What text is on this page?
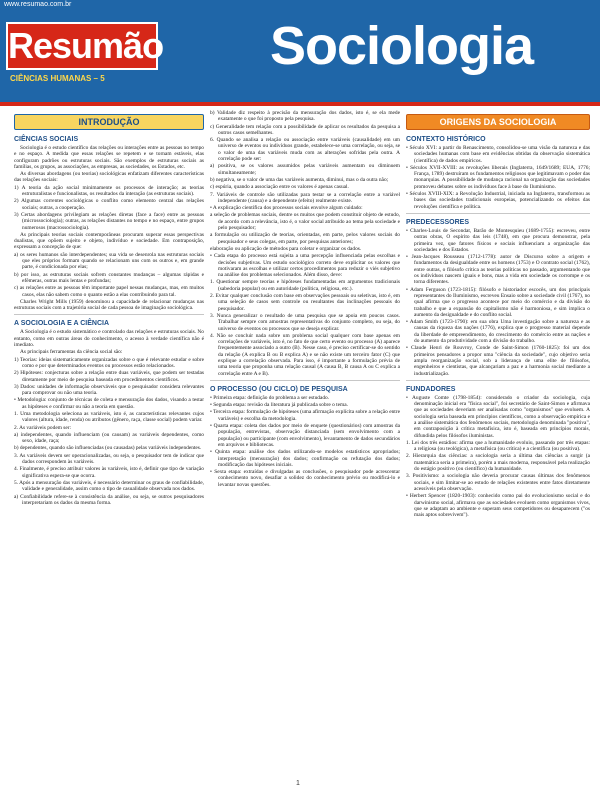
www.resumao.com.br
Resumão
CIÊNCIAS HUMANAS – 5
Sociologia
INTRODUÇÃO
CIÊNCIAS SOCIAIS

Sociologia é o estudo científico das relações ou interações entre as pessoas no tempo e no espaço. A medida que essas relações se repetem e se tornam estáveis, elas configuram padrões ou estruturas sociais. São exemplos de estruturas sociais as famílias, os grupos, as associações, as empresas, as sociedades, os Estados, etc.

As diversas abordagens (ou teorias) sociológicas enfatizam diferentes características das relações sociais:

1) A teoria da ação social minimamente os processos de interação; as teorias estruturalistas e funcionalistas, os resultados da interação (as estruturas sociais).

2) Algumas correntes sociológicas o conflito como elemento central das relações sociais; outras, a cooperação.

3) Certas abordagens privilegiam as relações diretas (face a face) entre as pessoas (microssociologia); outras, as relações distantes no tempo e no espaço, entre grupos numerosos (macrossociologia).

As principais teorias sociais contemporâneas procuram superar essas perspectivas dualistas, que opõem sujeito e objeto, indivíduo e sociedade. Em contraposição, expressam a concepção de que:

a) os seres humanos são interdependentes; sua vida se desenrola nas estruturas sociais que eles próprios formam quando se relacionam uns com os outros e, em grande parte, é condicionada por elas;

b) por isso, as estruturas sociais sofrem constantes mudanças – algumas rápidas e efêmeras, outras mais lentas e profundas;

c) as relações entre as pessoas têm importante papel nessas mudanças, mas, em muitos casos, elas não sabem como o quanto estão a elas contribuindo para tal.

Charles Wright Mills (1959) denominou a capacidade de relacionar mudanças nas estruturas sociais com a trajetória social de cada pessoa de imaginação sociológica.

A SOCIOLOGIA E A CIÊNCIA

A Sociologia é o estudo sistemático e controlado das relações e estruturas sociais. No entanto, como em outras áreas do conhecimento, o acesso à verdade científica não é imediato.

As principais ferramentas da ciência social são:

1) Teorias: ideias sistematicamente organizadas sobre o que é relevante estudar e sobre como e por que determinados eventos ou processos estão relacionados.

2) Hipóteses: conjecturas sobre a relação entre duas variáveis, que podem ser testadas diretamente por meio de pesquisa baseada em procedimentos científicos.

3) Dados: unidades de informação observáveis que o pesquisador considera relevantes para comprovar ou não uma teoria.

• Metodologia: conjunto de técnicas de coleta e mensuração dos dados, visando a testar as hipóteses e confirmar ou não a teoria em questão.

1. Uma metodologia seleciona as variáveis, isto é, as características relevantes cujos valores (altura, idade, renda) ou atributos (gênero, raça, classe social) podem variar.

2. As variáveis podem ser:

a) independentes, quando influenciam (ou causam) as variáveis dependentes, como sexo, idade, raça;

b) dependentes, quando são influenciadas (ou causadas) pelas variáveis independentes.

3. As variáveis devem ser operacionalizadas, ou seja, o pesquisador tem de indicar que dados correspondem às variáveis.

4. Finalmente, é preciso atribuir valores às variáveis, isto é, definir que tipo de variação significativa espera-se que ocorra.

5. Após a mensuração das variáveis, é necessário determinar os graus de confiabilidade, validade e generalidade, assim como o tipo de casualidade observada nos dados.

a) Confiabilidade refere-se à consistência da análise, ou seja, se outros pesquisadores interpretariam os dados da mesma forma.

b) Validade diz respeito à precisão da mensuração dos dados, isto é, se ela mede exatamente o que foi proposto pela pesquisa.

c) Generalidade tem relação com a possibilidade de aplicar os resultados da pesquisa a outros casos semelhantes.

6. Quando se analisa a relação ou associação entre variáveis (causalidade) em um universo de eventos ou indivíduos grande, estabelece-se uma correlação, ou seja, se o valor de uma das variáveis muda com as alterações sofridas pela outra. A correlação pode ser:

a) positiva, se os valores assumidos pelas variáveis aumentam ou diminuem simultaneamente;

b) negativa, se o valor de uma das variáveis aumenta, diminui, mas o da outra não;

c) espúria, quando a associação entre os valores é apenas casual.

7. Variáveis de controle são utilizadas para testar se a correlação entre a variável independente (causa) e a dependente (efeito) realmente existe.

• A explicação científica dos processos sociais envolve algum cuidado:

a seleção de problemas sociais, dentre os muitos que podem constituir objeto de estudo, de acordo com a relevância, isto é, o valor social atribuído ao tema pela sociedade e pelo pesquisador;

a formulação ou utilização de teorias, orientadas, em parte, pelos valores sociais do pesquisador e seus colegas, em parte, por pesquisas anteriores;

elaboração ou aplicação de métodos para coletar e organizar os dados.

• Cada etapa do processo está sujeita a uma percepção influenciada pelas escolhas e decisões subjetivas. Um estudo sociológico correto deve explicitar os valores que motivaram as escolhas e utilizar certos procedimentos para reduzir o viés subjetivo na análise dos problemas selecionados. Além disso, deve:

1. Questionar sempre teorias e hipóteses fundamentadas em argumentos tradicionais (sabedoria popular) ou em autoridade (política, religiosa, etc.).

2. Evitar qualquer conclusão com base em observações pessoais ou seletivas, isto é, em uma seleção de casos sem controle ou resultantes das inclinações pessoais do pesquisador.

3. Nunca generalizar o resultado de uma pesquisa que se apoia em poucos casos. Trabalhar sempre com amostras representativas do conjunto completo, ou seja, do universo de eventos ou processos que se deseja explicar.

4. Não se concluir nada sobre um problema social qualquer com base apenas em correlações de variáveis, isto é, no fato de que certo evento ou processo (A) aparece frequentemente associado a outro (B). Nesse caso, é preciso certificar-se do sentido da relação (A explica B ou B explica A) e se não existe um terceiro fator (C) que explique a correlação observada. Para isso, é importante a formulação prévia de uma teoria que proponha uma relação causal (A causa B, B causa A ou C explica a correlação entre A e B).

O PROCESSO (OU CICLO) DE PESQUISA

• Primeira etapa: definição do problema a ser estudado.

• Segunda etapa: revisão da literatura já publicada sobre o tema.

• Terceira etapa: formulação de hipóteses (uma afirmação explícita sobre a relação entre variáveis) e escolha da metodologia.

• Quarta etapa: coleta dos dados por meio de enquete (questionários) com amostras da população, entrevistas, observação distanciada (sem envolvimento com a população) ou participante (com envolvimento), levantamento de dados secundários em arquivos e bibliotecas.

• Quinta etapa: análise dos dados utilizando-se modelos estatísticos apropriados; interpretação (mensuração) dos dados; confirmação ou refutação dos dados; modificação das hipóteses iniciais.

• Sexta etapa: extraídas e divulgadas as conclusões, o pesquisador pode acrescentar conhecimento novo, desafiar a solidez do conhecimento prévio ou modificá-lo e levantar novas questões.

ORIGENS DA SOCIOLOGIA
CONTEXTO HISTÓRICO

• Século XVI: a partir do Renascimento, consolidou-se uma visão da natureza e das sociedades humanas com base em evidências obtidas da observação sistemática (científica) de dados empíricos.

• Séculos XVII-XVIII: as revoluções liberais (Inglaterra, 1649/1689; EUA, 1776; França, 1789) destruíram os fundamentos religiosos que legitimavam o poder das monarquias. A possibilidade de mudança racional na organização das sociedades promoveu debates sobre os indivíduos face à base do Iluminismo.

• Séculos XVIII-XIX: a Revolução Industrial, iniciada na Inglaterra, transformou as bases das sociedades tradicionais europeias, potencializando os efeitos das revoluções científica e política.

PREDECESSORES

• Charles-Louis de Secondat, Barão de Montesquieu (1689-1755): escreveu, entre outras obras, O espírito das leis (1748), em que procura demonstrar, pela primeira vez, que fatores físicos e sociais influenciam a organização das sociedades e dos Estados.

• Jean-Jacques Rousseau (1712-1778): autor de Discurso sobre a origem e fundamentos da desigualdade entre os homens (1753) e O contrato social (1762), entre outras, o filósofo critica as teorias políticas no passado, argumentando que os indivíduos nascem iguais e bons, mas a vida em sociedade os corrompe e os torna diferentes.

• Adam Ferguson (1723-1815): filósofo e historiador escocês, um dos principais representantes do Iluminismo, escreveu Ensaio sobre a sociedade civil (1767), no qual afirma que o progresso acontece por meio do comércio e da divisão do trabalho e que a expansão do capitalismo não é harmoniosa, e sim implica o aumento da desigualdade e do conflito social.

• Adam Smith (1723-1790): em sua obra Uma investigação sobre a natureza e as causas da riqueza das nações (1776), explica que o progresso material depende da liberdade de empreendimento, do crescimento do comércio entre as nações e do aumento da produtividade com a divisão do trabalho.

• Claude Henri de Rouvroy, Conde de Saint-Simon (1760-1825): foi um dos primeiros pensadores a propor uma "ciência da sociedade", cujo objetivo seria ampla reorganização social, sob a liderança de uma elite de filósofos, engenheiros e cientistas, que alcançariam a paz e a harmonia social mediante a industrialização.

FUNDADORES

• Auguste Comte (1798-1854): considerado o criador da sociologia, cuja denominação inicial era "física social", foi secretário de Saint-Simon e afirmava que as sociedades deveriam ser analisadas como "organismos" que evoluem. A sociologia seria baseada em princípios científicos, como a observação empírica e a análise sistemática dos fenômenos sociais, metodologia denominada "positiva", em contraposição à crítica metafísica, isto é, baseada em princípios morais, difundida pelos filósofos iluministas.

1. Lei dos três estádios: afirma que a humanidade evoluiu, passando por três etapas: a religiosa (ou teológica), a metafísica (ou crítica) e a científica (ou positiva).

2. Hierarquia das ciências: a sociologia seria a última das ciências a surgir (a matemática seria a primeira), porém a mais moderna, responsável pela realização do estágio positivo (ou científico) da humanidade.

3. Positivismo: a sociologia não deveria procurar causas últimas dos fenômenos sociais, e sim limitar-se ao estudo de relações existentes entre fatos diretamente acessíveis pela observação.

• Herbert Spencer (1820-1903): conhecido como pai do evolucionismo social e do darwinismo social, afirmava que as sociedades evoluem como organismos vivos, que se adaptam ao ambiente e superam seus competidores ou desaparecem ("os mais aptos sobrevivem").

1
